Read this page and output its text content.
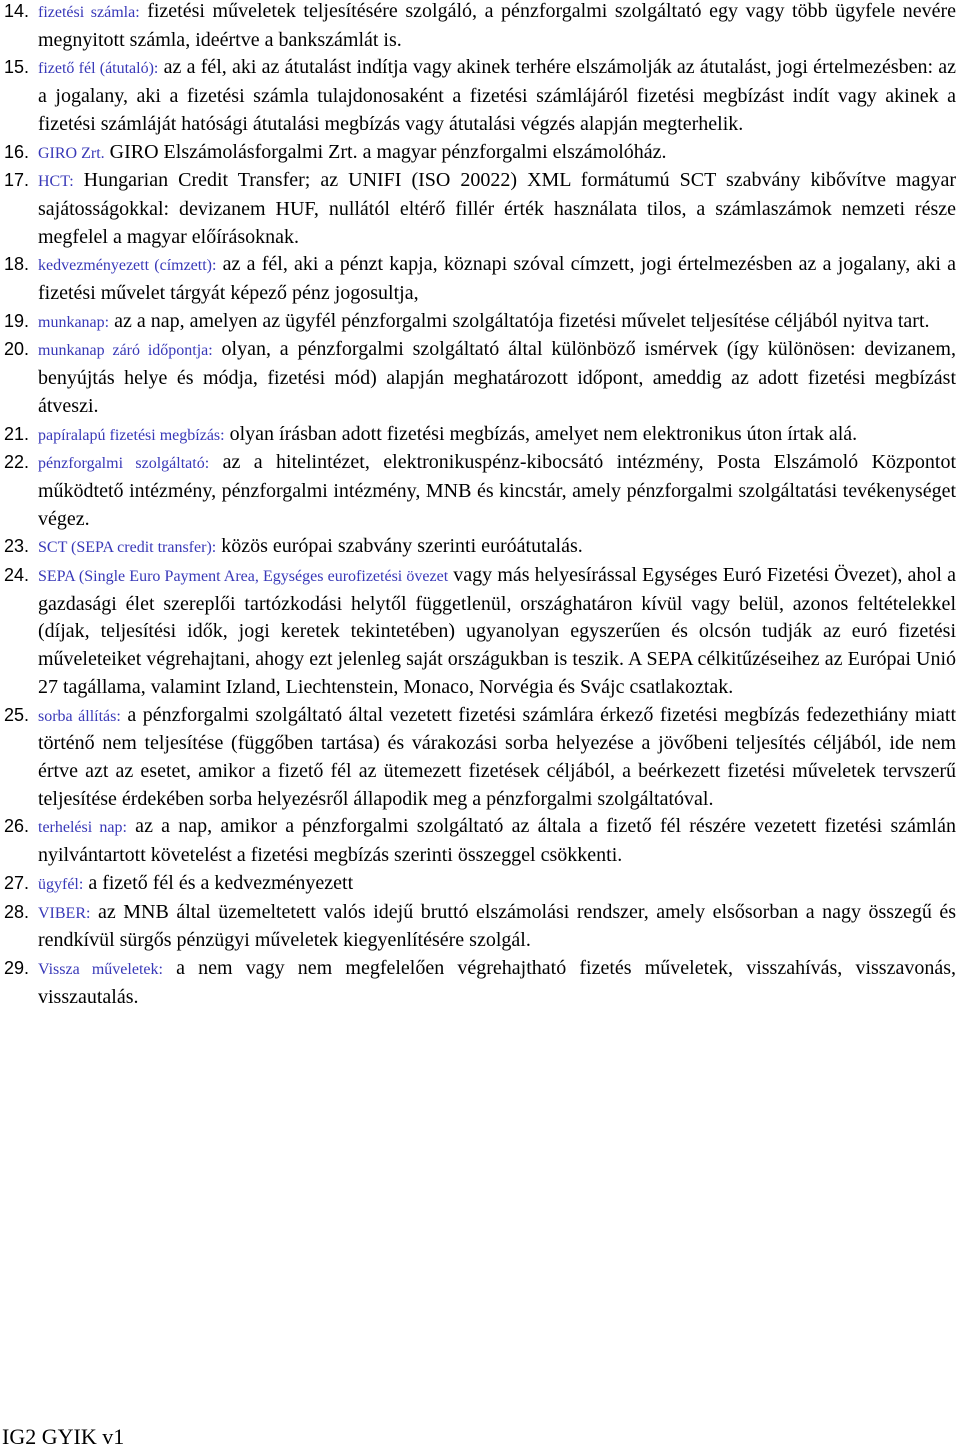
14. fizetési számla: fizetési műveletek teljesítésére szolgáló, a pénzforgalmi szolgáltató egy vagy több ügyfele nevére megnyitott számla, ideértve a bankszámlát is.
15. fizető fél (átutaló): az a fél, aki az átutalást indítja vagy akinek terhére elszámolják az átutalást, jogi értelmezésben: az a jogalany, aki a fizetési számla tulajdonosaként a fizetési számlájáról fizetési megbízást indít vagy akinek a fizetési számláját hatósági átutalási megbízás vagy átutalási végzés alapján megterhelik.
16. GIRO Zrt. GIRO Elszámolásforgalmi Zrt. a magyar pénzforgalmi elszámolóház.
17. HCT: Hungarian Credit Transfer; az UNIFI (ISO 20022) XML formátumú SCT szabvány kibővítve magyar sajátosságokkal: devizanem HUF, nullától eltérő fillér érték használata tilos, a számlaszámok nemzeti része megfelel a magyar előírásoknak.
18. kedvezményezett (címzett): az a fél, aki a pénzt kapja, köznapi szóval címzett, jogi értelmezésben az a jogalany, aki a fizetési művelet tárgyát képező pénz jogosultja,
19. munkanap: az a nap, amelyen az ügyfél pénzforgalmi szolgáltatója fizetési művelet teljesítése céljából nyitva tart.
20. munkanap záró időpontja: olyan, a pénzforgalmi szolgáltató által különböző ismérvek (így különösen: devizanem, benyújtás helye és módja, fizetési mód) alapján meghatározott időpont, ameddig az adott fizetési megbízást átveszi.
21. papíralapú fizetési megbízás: olyan írásban adott fizetési megbízás, amelyet nem elektronikus úton írtak alá.
22. pénzforgalmi szolgáltató: az a hitelintézet, elektronikuspénz-kibocsátó intézmény, Posta Elszámoló Központot működtető intézmény, pénzforgalmi intézmény, MNB és kincstár, amely pénzforgalmi szolgáltatási tevékenységet végez.
23. SCT (SEPA credit transfer): közös európai szabvány szerinti euróátutalás.
24. SEPA (Single Euro Payment Area, Egységes eurofizetési övezet vagy más helyesírással Egységes Euró Fizetési Övezet), ahol a gazdasági élet szereplői tartózkodási helytől függetlenül, országhatáron kívül vagy belül, azonos feltételekkel (díjak, teljesítési idők, jogi keretek tekintetében) ugyanolyan egyszerűen és olcsón tudják az euró fizetési műveleteiket végrehajtani, ahogy ezt jelenleg saját országukban is teszik. A SEPA célkitűzéseihez az Európai Unió 27 tagállama, valamint Izland, Liechtenstein, Monaco, Norvégia és Svájc csatlakoztak.
25. sorba állítás: a pénzforgalmi szolgáltató által vezetett fizetési számlára érkező fizetési megbízás fedezethiány miatt történő nem teljesítése (függőben tartása) és várakozási sorba helyezése a jövőbeni teljesítés céljából, ide nem értve azt az esetet, amikor a fizető fél az ütemezett fizetések céljából, a beérkezett fizetési műveletek tervszerű teljesítése érdekében sorba helyezésről állapodik meg a pénzforgalmi szolgáltatóval.
26. terhelési nap: az a nap, amikor a pénzforgalmi szolgáltató az általa a fizető fél részére vezetett fizetési számlán nyilvántartott követelést a fizetési megbízás szerinti összeggel csökkenti.
27. ügyfél: a fizető fél és a kedvezményezett
28. VIBER: az MNB által üzemeltetett valós idejű bruttó elszámolási rendszer, amely elsősorban a nagy összegű és rendkívül sürgős pénzügyi műveletek kiegyenlítésére szolgál.
29. Vissza műveletek: a nem vagy nem megfelelően végrehajtható fizetés műveletek, visszahívás, visszavonás, visszautalás.
IG2 GYIK v1
